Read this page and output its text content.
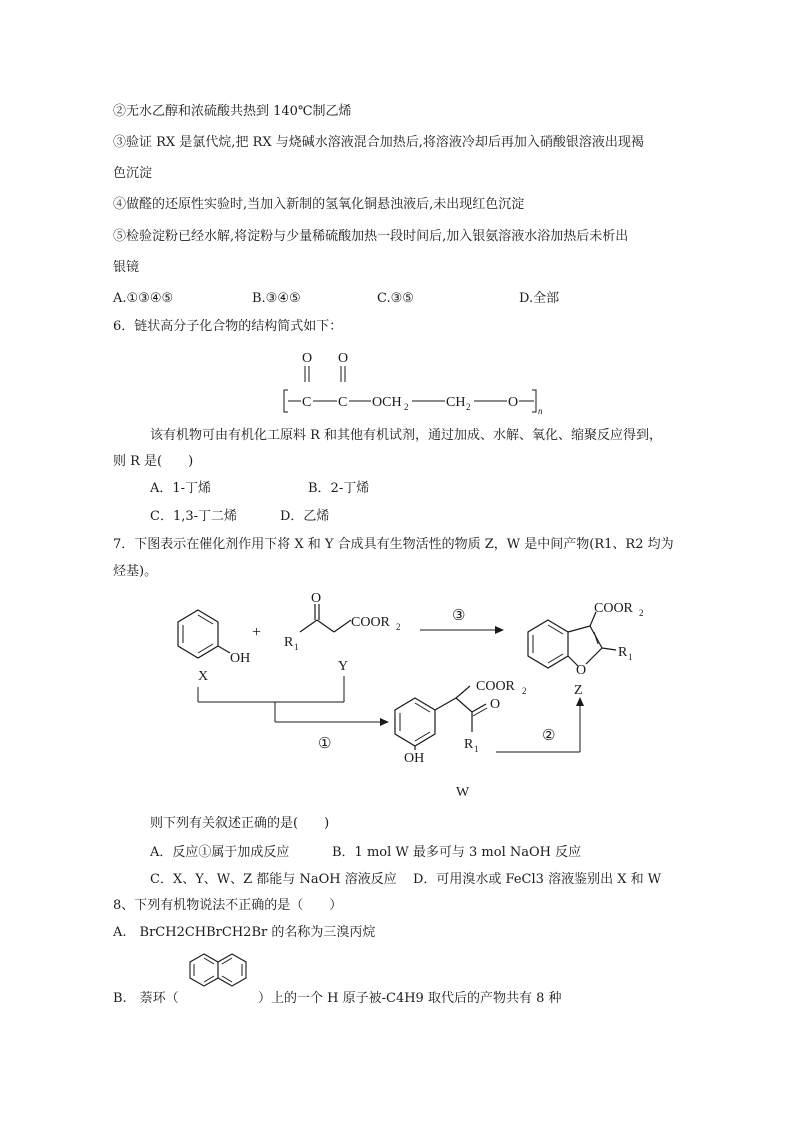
②无水乙醇和浓硫酸共热到 140℃制乙烯
③验证 RX 是氯代烷,把 RX 与烧碱水溶液混合加热后,将溶液冷却后再加入硝酸银溶液出现褐
色沉淀
④做醛的还原性实验时,当加入新制的氢氧化铜悬浊液后,未出现红色沉淀
⑤检验淀粉已经水解,将淀粉与少量稀硫酸加热一段时间后,加入银氨溶液水浴加热后未析出
银镜
A.①③④⑤	B.③④⑤	C.③⑤	D.全部
6．链状高分子化合物的结构简式如下：
O O
C C OCH 2	CH 2	O
n
该有机物可由有机化工原料 R 和其他有机试剂，通过加成、水解、氧化、缩聚反应得到，
则 R 是(　　)
A．1-丁烯	B．2-丁烯
C．1,3-丁二烯	D．乙烯
7．下图表示在催化剂作用下将 X 和 Y 合成具有生物活性的物质 Z，W 是中间产物(R1、R2 均为
烃基)。
OH
X
+
O
R 1
COOR 2
Y
③
O
COOR 2
R 1
Z
①
COOR 2
O
R 1
OH
W
②
则下列有关叙述正确的是(　　)
A．反应①属于加成反应	B．1 mol W 最多可与 3 mol NaOH 反应
C．X、Y、W、Z 都能与 NaOH 溶液反应 D．可用溴水或 FeCl3 溶液鉴别出 X 和 W
8、下列有机物说法不正确的是（　　）
A.　BrCH2CHBrCH2Br 的名称为三溴丙烷
B.　萘环（	）上的一个 H 原子被-C4H9 取代后的产物共有 8 种
